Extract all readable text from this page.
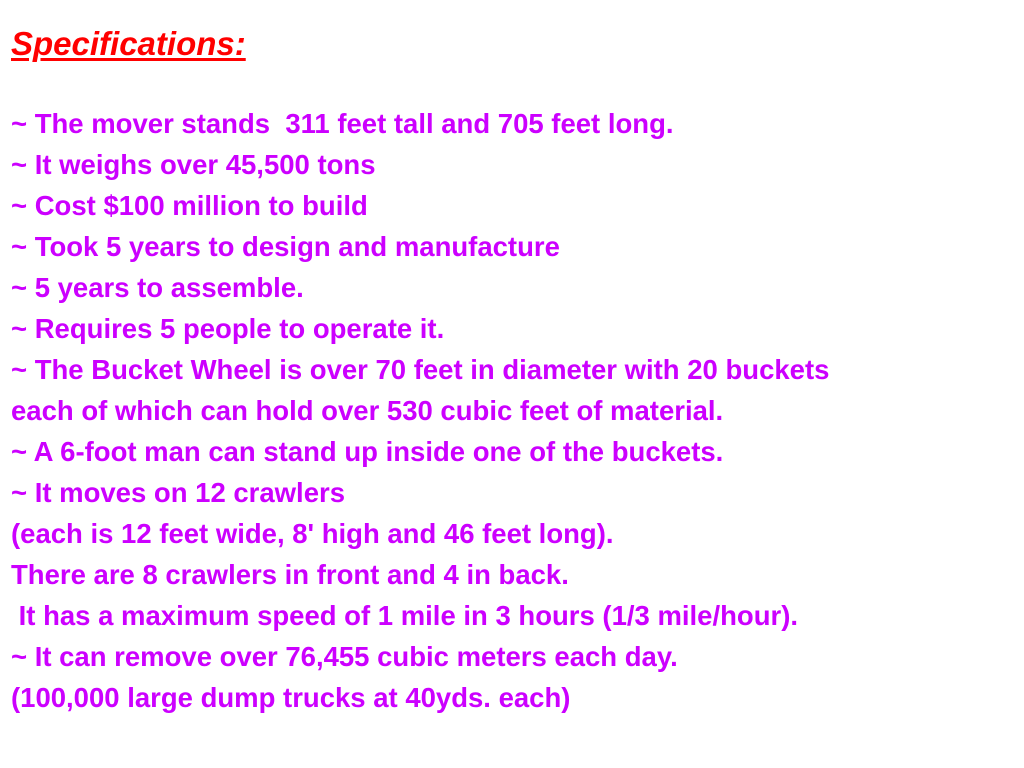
Specifications:
~ The mover stands  311 feet tall and 705 feet long.
~ It weighs over 45,500 tons
~ Cost $100 million to build
~ Took 5 years to design and manufacture
~ 5 years to assemble.
~ Requires 5 people to operate it.
~ The Bucket Wheel is over 70 feet in diameter with 20 buckets
each of which can hold over 530 cubic feet of material.
~ A 6-foot man can stand up inside one of the buckets.
~ It moves on 12 crawlers
(each is 12 feet wide, 8' high and 46 feet long).
There are 8 crawlers in front and 4 in back.
It has a maximum speed of 1 mile in 3 hours (1/3 mile/hour).
~ It can remove over 76,455 cubic meters each day.
(100,000 large dump trucks at 40yds. each)
